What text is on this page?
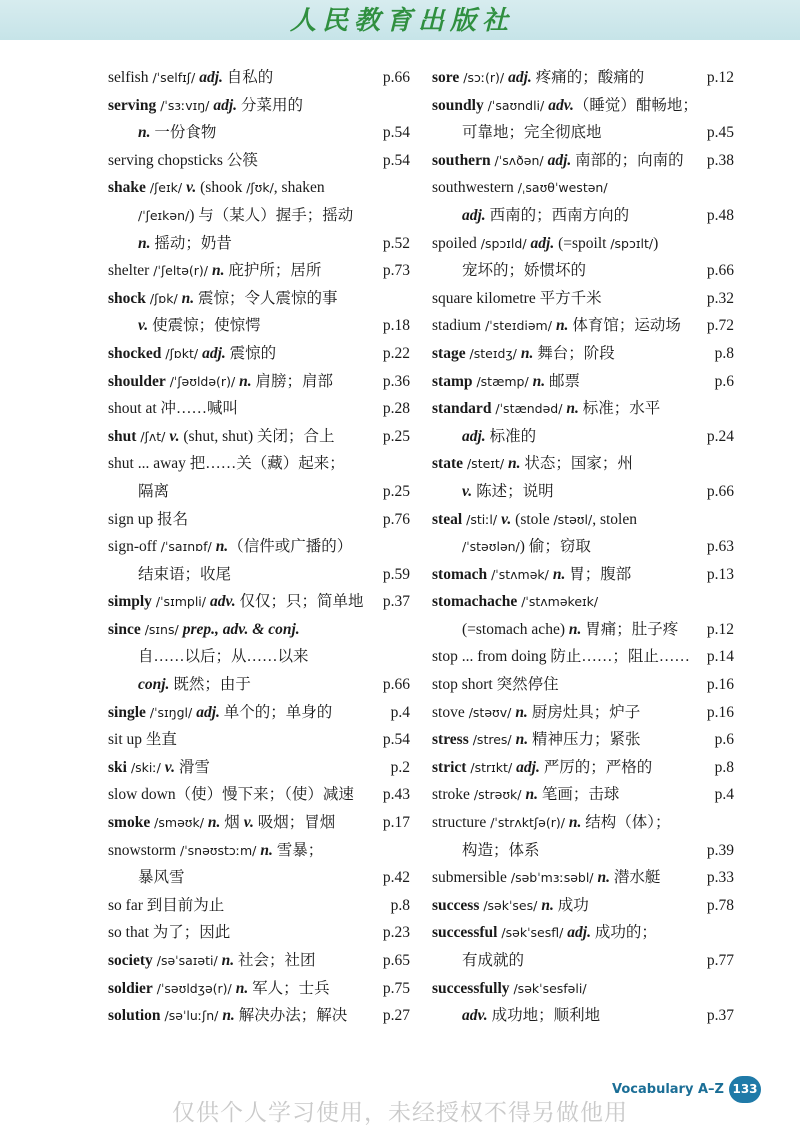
人民教育出版社
selfish /ˈselfɪʃ/ adj. 自私的	p.66
serving /ˈsɜːvɪŋ/ adj. 分菜用的
n. 一份食物	p.54
serving chopsticks 公筷	p.54
shake /ʃeɪk/ v. (shook /ʃʊk/, shaken
/ˈʃeɪkən/) 与（某人）握手；摇动
n. 摇动；奶昔	p.52
shelter /ˈʃeltə(r)/ n. 庇护所；居所	p.73
shock /ʃɒk/ n. 震惊；令人震惊的事
v. 使震惊；使惊愕	p.18
shocked /ʃɒkt/ adj. 震惊的	p.22
shoulder /ˈʃəʊldə(r)/ n. 肩膀；肩部	p.36
shout at 冲……喊叫	p.28
shut /ʃʌt/ v. (shut, shut) 关闭；合上	p.25
shut ... away 把……关（藏）起来；
隔离	p.25
sign up 报名	p.76
sign-off /ˈsaɪnɒf/ n.（信件或广播的）
结束语；收尾	p.59
simply /ˈsɪmpli/ adv. 仅仅；只；简单地 p.37
since /sɪns/ prep., adv. & conj.
自……以后；从……以来
conj. 既然；由于	p.66
single /ˈsɪŋgl/ adj. 单个的；单身的	p.4
sit up 坐直	p.54
ski /skiː/ v. 滑雪	p.2
slow down（使）慢下来；（使）减速 p.43
smoke /sməʊk/ n. 烟 v. 吸烟；冒烟	p.17
snowstorm /ˈsnəʊstɔːm/ n. 雪暴；
暴风雪	p.42
so far 到目前为止	p.8
so that 为了；因此	p.23
society /səˈsaɪəti/ n. 社会；社团	p.65
soldier /ˈsəʊldʒə(r)/ n. 军人；士兵	p.75
solution /səˈluːʃn/ n. 解决办法；解决 p.27
sore /sɔː(r)/ adj. 疼痛的；酸痛的	p.12
soundly /ˈsaʊndli/ adv.（睡觉）酣畅地；
可靠地；完全彻底地	p.45
southern /ˈsʌðən/ adj. 南部的；向南的 p.38
southwestern /ˌsaʊθˈwestən/
adj. 西南的；西南方向的	p.48
spoiled /spɔɪld/ adj. (=spoilt /spɔɪlt/)
宠坏的；娇惯坏的	p.66
square kilometre 平方千米	p.32
stadium /ˈsteɪdiəm/ n. 体育馆；运动场 p.72
stage /steɪdʒ/ n. 舞台；阶段	p.8
stamp /stæmp/ n. 邮票	p.6
standard /ˈstændəd/ n. 标准；水平
adj. 标准的	p.24
state /steɪt/ n. 状态；国家；州
v. 陈述；说明	p.66
steal /stiːl/ v. (stole /stəʊl/, stolen
/ˈstəʊlən/) 偷；窃取	p.63
stomach /ˈstʌmək/ n. 胃；腹部	p.13
stomachache /ˈstʌməkeɪk/
(=stomach ache) n. 胃痛；肚子疼 p.12
stop ... from doing 防止……；阻止…… p.14
stop short 突然停住	p.16
stove /stəʊv/ n. 厨房灶具；炉子	p.16
stress /stres/ n. 精神压力；紧张	p.6
strict /strɪkt/ adj. 严厉的；严格的	p.8
stroke /strəʊk/ n. 笔画；击球	p.4
structure /ˈstrʌktʃə(r)/ n. 结构（体）；
构造；体系	p.39
submersible /səbˈmɜːsəbl/ n. 潜水艇	p.33
success /səkˈses/ n. 成功	p.78
successful /səkˈsesfl/ adj. 成功的；
有成就的	p.77
successfully /səkˈsesfəli/
adv. 成功地；顺利地	p.37
Vocabulary A–Z 133
仅供个人学习使用，未经授权不得另做他用
